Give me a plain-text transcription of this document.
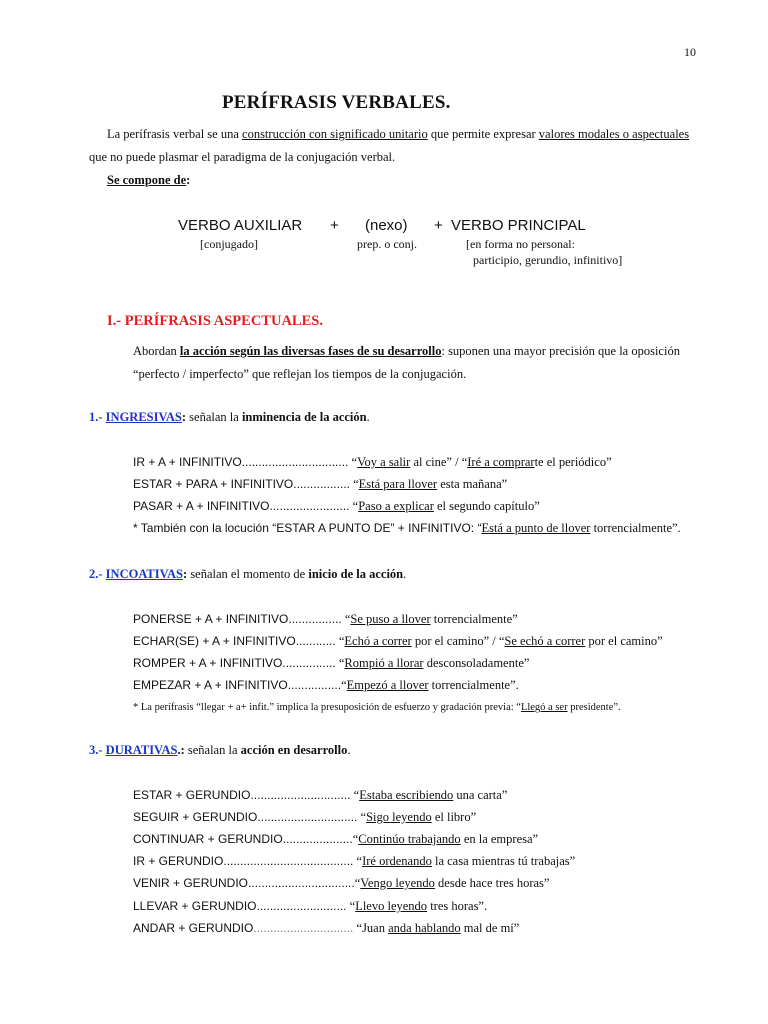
10
PERÍFRASIS VERBALES.
La perífrasis verbal se una construcción con significado unitario que permite expresar valores modales o aspectuales
que no puede plasmar el paradigma de la conjugación verbal.
Se compone de:
VERBO AUXILIAR + (nexo) + VERBO PRINCIPAL
[conjugado]	prep. o conj.	[en forma no personal:
participio, gerundio, infinitivo]
I.- PERÍFRASIS ASPECTUALES.
Abordan la acción según las diversas fases de su desarrollo: suponen una mayor precisión que la oposición
“perfecto / imperfecto” que reflejan los tiempos de la conjugación.
1.- INGRESIVAS: señalan la inminencia de la acción.
IR + A + INFINITIVO................................ “Voy a salir al cine” / “Iré a comprarte el periódico”
ESTAR + PARA + INFINITIVO................. “Está para llover esta mañana”
PASAR + A + INFINITIVO........................ “Paso a explicar el segundo capítulo”
* También con la locución “ESTAR A PUNTO DE” + INFINITIVO: “Está a punto de llover torrencialmente”.
2.- INCOATIVAS: señalan el momento de inicio de la acción.
PONERSE + A + INFINITIVO................ “Se puso a llover torrencialmente”
ECHAR(SE) + A + INFINITIVO............ “Echó a correr por el camino” / “Se echó a correr por el camino”
ROMPER + A + INFINITIVO................ “Rompió a llorar desconsoladamente”
EMPEZAR + A + INFINITIVO................“Empezó a llover torrencialmente”.
* La perífrasis “llegar + a+ infit.” implica la presuposición de esfuerzo y gradación previa: “Llegó a ser presidente”.
3.- DURATIVAS.: señalan la acción en desarrollo.
ESTAR + GERUNDIO.............................. “Estaba escribiendo una carta”
SEGUIR + GERUNDIO.............................. “Sigo leyendo el libro”
CONTINUAR + GERUNDIO.....................“Continúo trabajando en la empresa”
IR + GERUNDIO....................................... “Iré ordenando la casa mientras tú trabajas”
VENIR + GERUNDIO................................“Vengo leyendo desde hace tres horas”
LLEVAR + GERUNDIO........................... “Llevo leyendo tres horas”.
ANDAR + GERUNDIO.............................. “Juan anda hablando mal de mí”
